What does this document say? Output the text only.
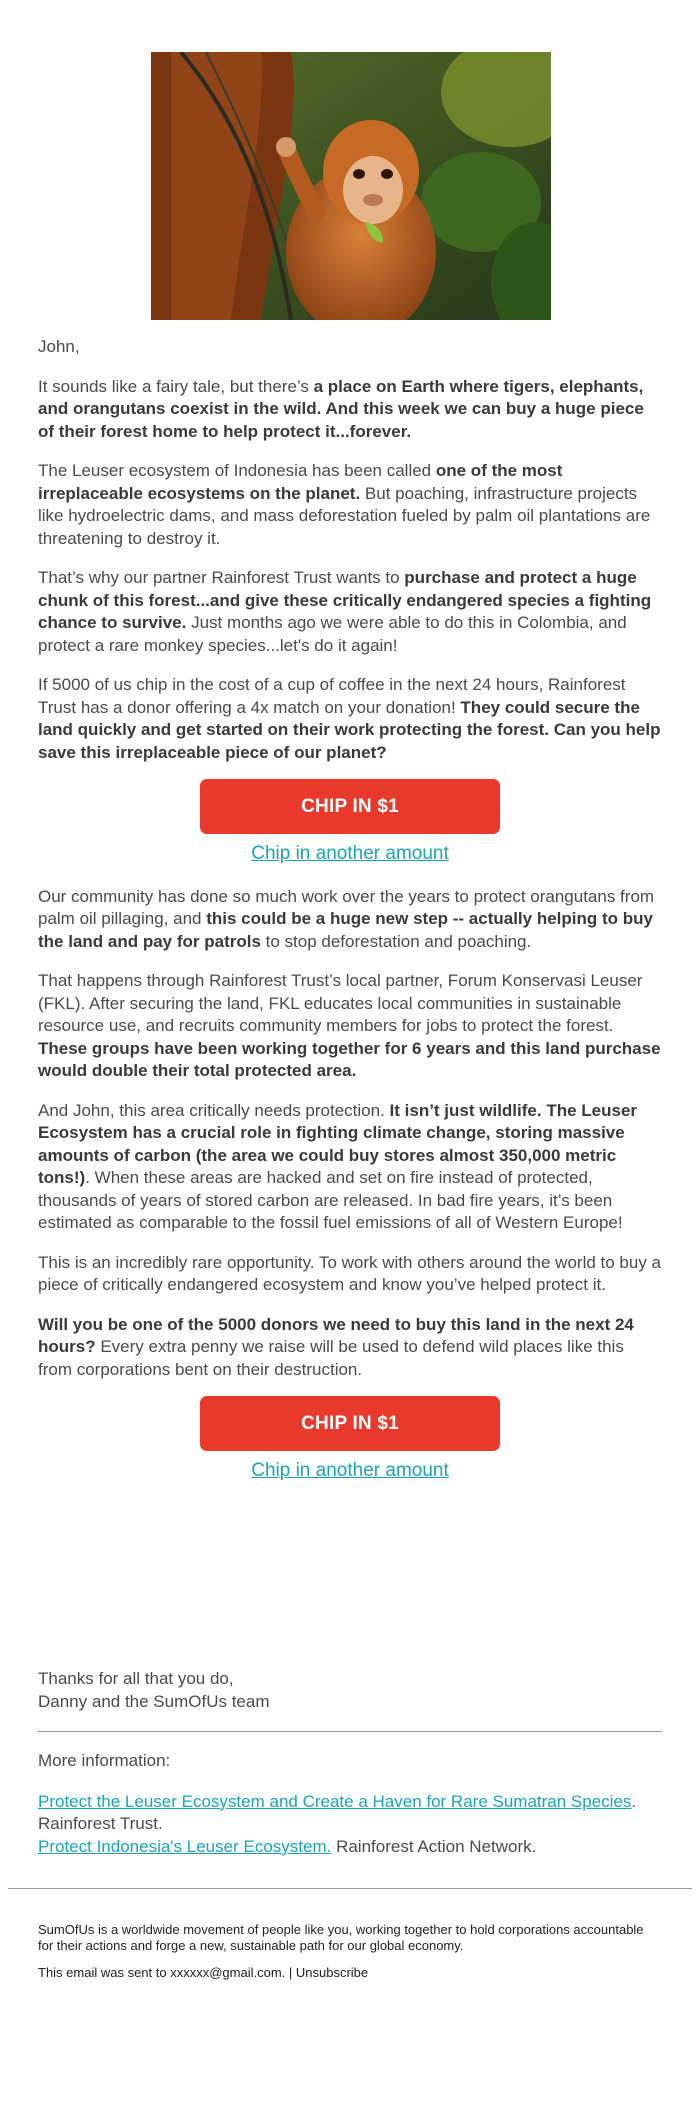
John,

It sounds like a fairy tale, but there’s a place on Earth where tigers, elephants, and orangutans coexist in the wild. And this week we can buy a huge piece of their forest home to help protect it...forever.

The Leuser ecosystem of Indonesia has been called one of the most irreplaceable ecosystems on the planet. But poaching, infrastructure projects like hydroelectric dams, and mass deforestation fueled by palm oil plantations are threatening to destroy it.

That’s why our partner Rainforest Trust wants to purchase and protect a huge chunk of this forest...and give these critically endangered species a fighting chance to survive. Just months ago we were able to do this in Colombia, and protect a rare monkey species...let's do it again!

If 5000 of us chip in the cost of a cup of coffee in the next 24 hours, Rainforest Trust has a donor offering a 4x match on your donation! They could secure the land quickly and get started on their work protecting the forest. Can you help save this irreplaceable piece of our planet?

CHIP IN $1
Chip in another amount

Our community has done so much work over the years to protect orangutans from palm oil pillaging, and this could be a huge new step -- actually helping to buy the land and pay for patrols to stop deforestation and poaching.

That happens through Rainforest Trust’s local partner, Forum Konservasi Leuser (FKL). After securing the land, FKL educates local communities in sustainable resource use, and recruits community members for jobs to protect the forest. These groups have been working together for 6 years and this land purchase would double their total protected area.

And John, this area critically needs protection. It isn’t just wildlife. The Leuser Ecosystem has a crucial role in fighting climate change, storing massive amounts of carbon (the area we could buy stores almost 350,000 metric tons!). When these areas are hacked and set on fire instead of protected, thousands of years of stored carbon are released. In bad fire years, it’s been estimated as comparable to the fossil fuel emissions of all of Western Europe!

This is an incredibly rare opportunity. To work with others around the world to buy a piece of critically endangered ecosystem and know you’ve helped protect it.

Will you be one of the 5000 donors we need to buy this land in the next 24 hours? Every extra penny we raise will be used to defend wild places like this from corporations bent on their destruction.

CHIP IN $1
Chip in another amount
Thanks for all that you do,
Danny and the SumOfUs team
More information:
Protect the Leuser Ecosystem and Create a Haven for Rare Sumatran Species. Rainforest Trust.
Protect Indonesia's Leuser Ecosystem. Rainforest Action Network.

SumOfUs is a worldwide movement of people like you, working together to hold corporations accountable for their actions and forge a new, sustainable path for our global economy.

This email was sent to xxxxxx@gmail.com. | Unsubscribe
